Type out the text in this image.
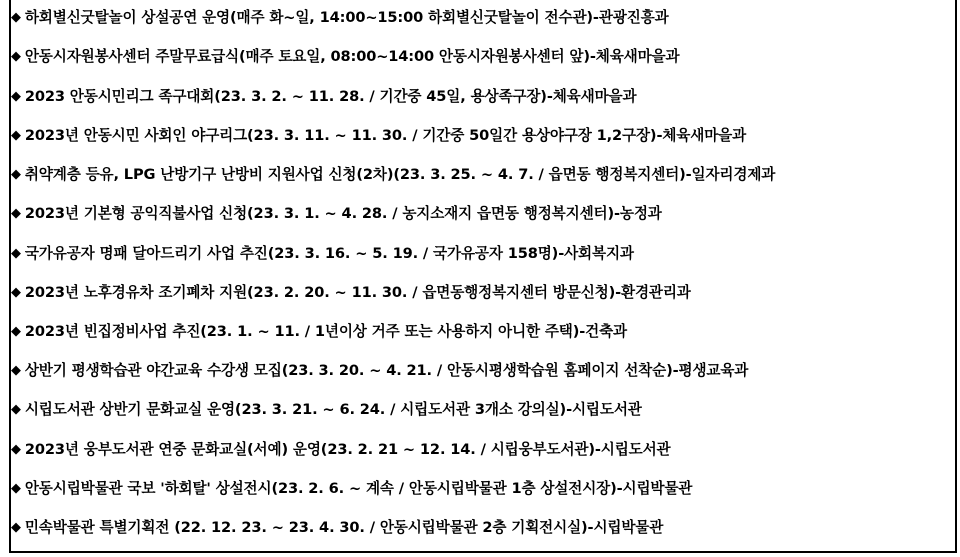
◆ 하회별신굿탈놀이 상설공연 운영(매주 화~일, 14:00~15:00 하회별신굿탈놀이 전수관)-관광진흥과
◆ 안동시자원봉사센터 주말무료급식(매주 토요일, 08:00~14:00 안동시자원봉사센터 앞)-체육새마을과
◆ 2023 안동시민리그 족구대회(23. 3. 2. ~ 11. 28. / 기간중 45일, 용상족구장)-체육새마을과
◆ 2023년 안동시민 사회인 야구리그(23. 3. 11. ~ 11. 30. / 기간중 50일간 용상야구장 1,2구장)-체육새마을과
◆ 취약계층 등유, LPG 난방기구 난방비 지원사업 신청(2차)(23. 3. 25. ~ 4. 7. / 읍면동 행정복지센터)-일자리경제과
◆ 2023년 기본형 공익직불사업 신청(23. 3. 1. ~ 4. 28. / 농지소재지 읍면동 행정복지센터)-농정과
◆ 국가유공자 명패 달아드리기 사업 추진(23. 3. 16. ~ 5. 19. / 국가유공자 158명)-사회복지과
◆ 2023년 노후경유차 조기폐차 지원(23. 2. 20. ~ 11. 30. / 읍면동행정복지센터 방문신청)-환경관리과
◆ 2023년 빈집정비사업 추진(23. 1. ~ 11. / 1년이상 거주 또는 사용하지 아니한 주택)-건축과
◆ 상반기 평생학습관 야간교육 수강생 모집(23. 3. 20. ~ 4. 21. / 안동시평생학습원 홈페이지 선착순)-평생교육과
◆ 시립도서관 상반기 문화교실 운영(23. 3. 21. ~ 6. 24. / 시립도서관 3개소 강의실)-시립도서관
◆ 2023년 웅부도서관 연중 문화교실(서예) 운영(23. 2. 21 ~ 12. 14. / 시립웅부도서관)-시립도서관
◆ 안동시립박물관 국보 '하회탈' 상설전시(23. 2. 6. ~ 계속 / 안동시립박물관 1층 상설전시장)-시립박물관
◆ 민속박물관 특별기획전 (22. 12. 23. ~ 23. 4. 30. / 안동시립박물관 2층 기획전시실)-시립박물관
